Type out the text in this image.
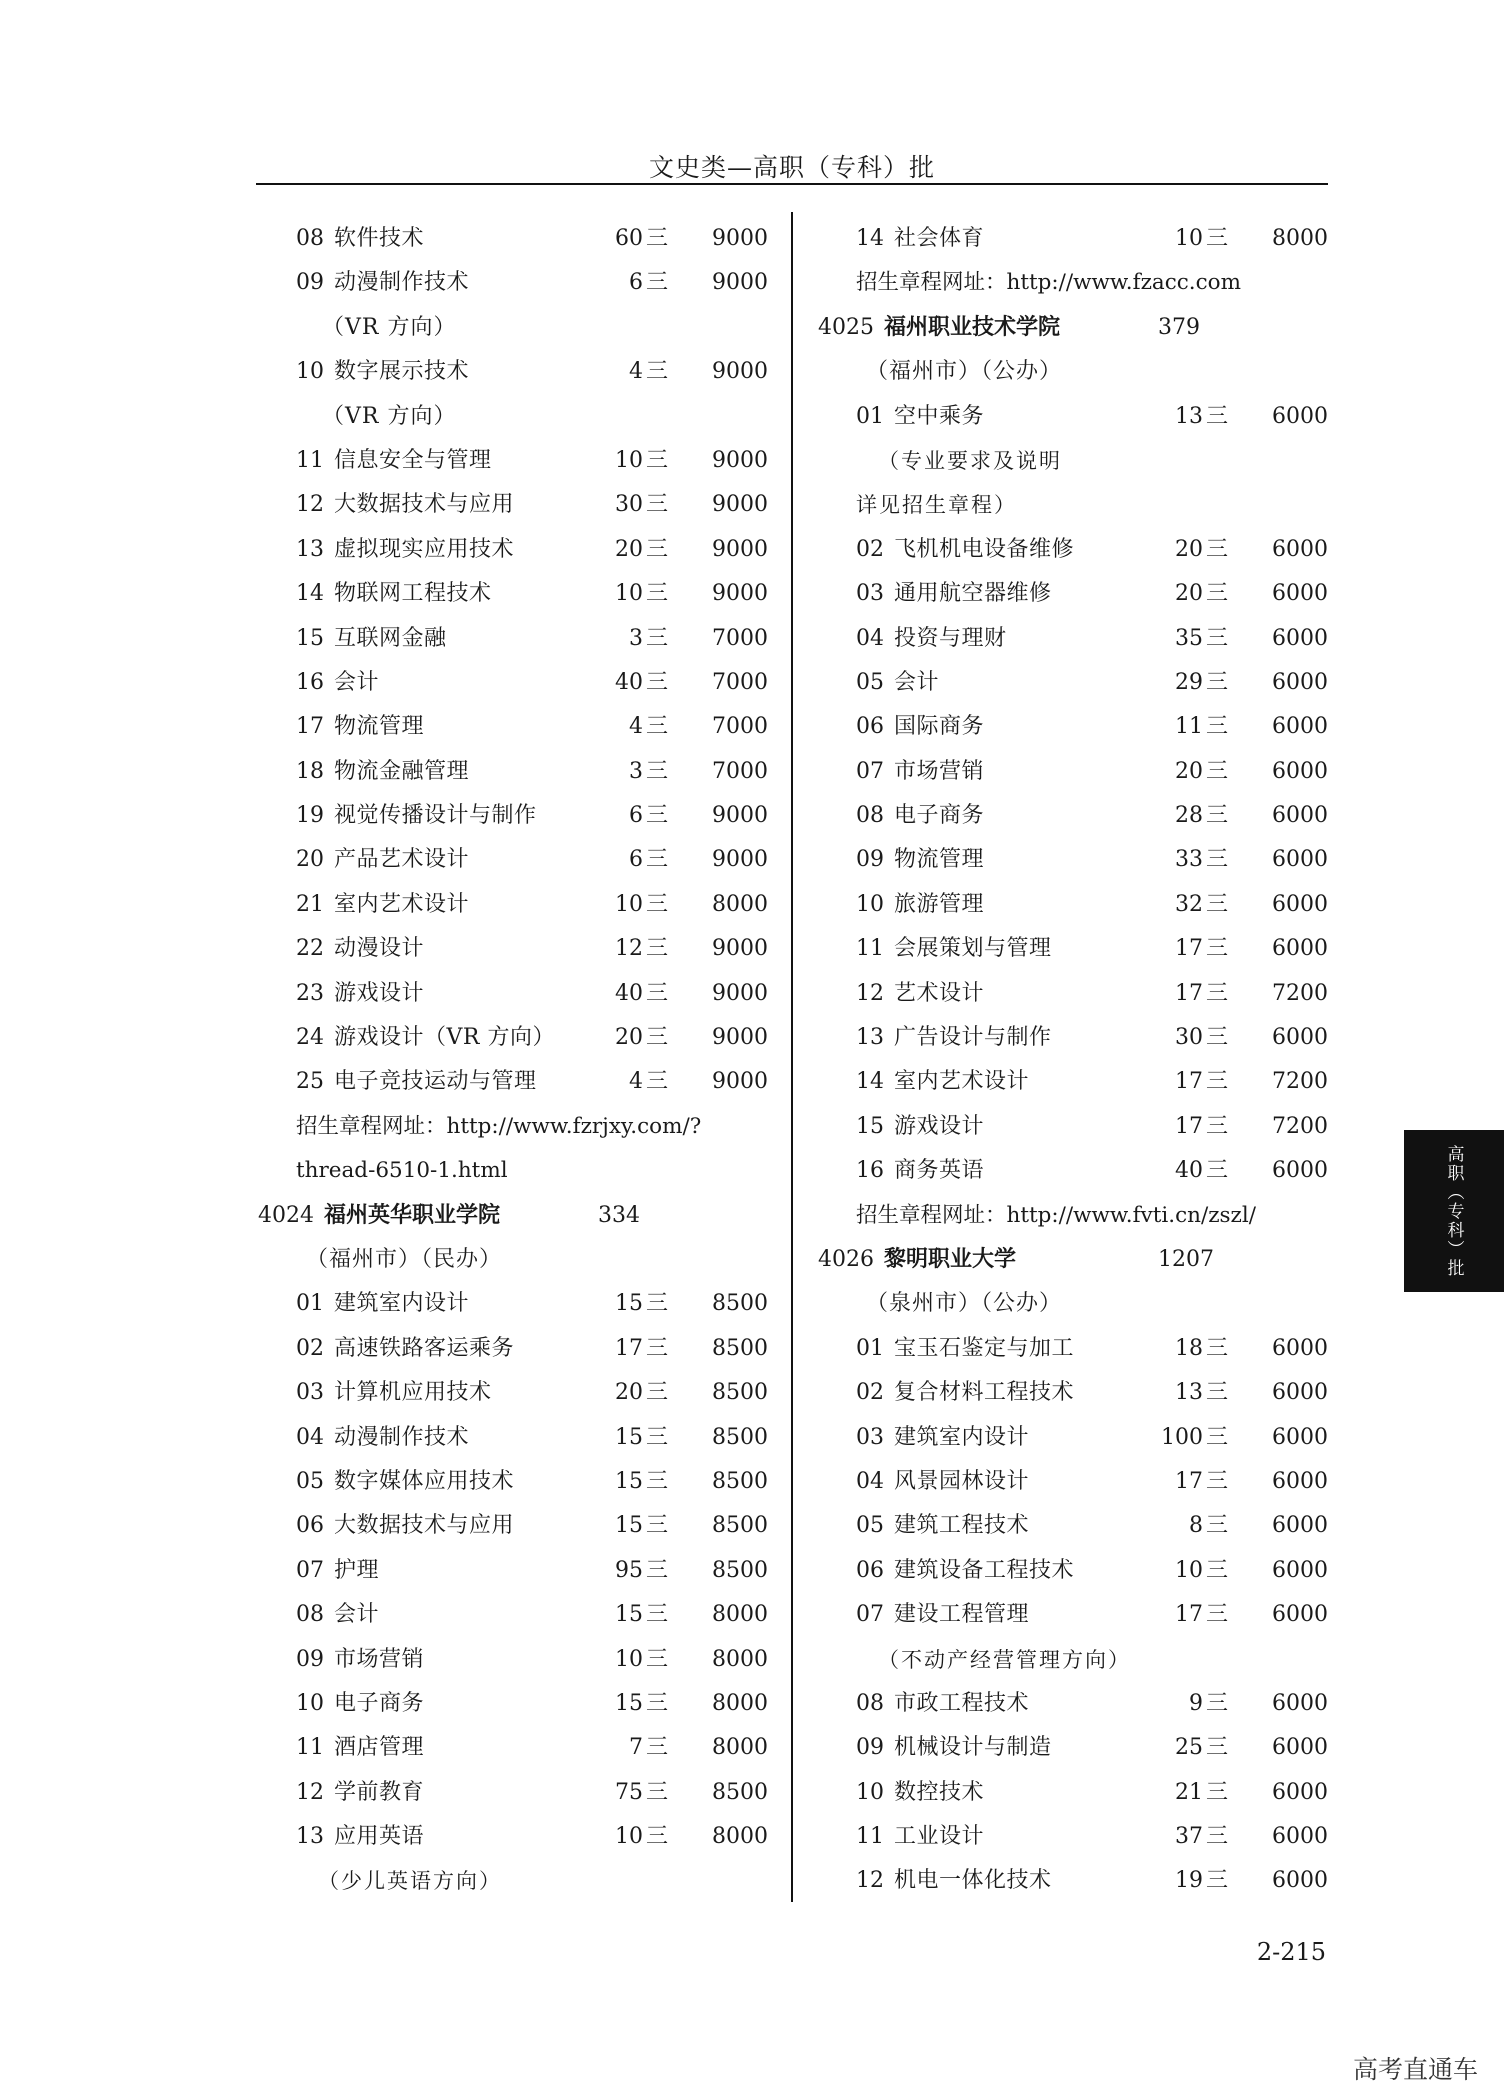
文史类—高职（专科）批
08 软件技术	60 三 9000
09 动漫制作技术	6 三 9000
（VR 方向）
10 数字展示技术	4 三 9000
（VR 方向）
11 信息安全与管理	10 三 9000
12 大数据技术与应用	30 三 9000
13 虚拟现实应用技术	20 三 9000
14 物联网工程技术	10 三 9000
15 互联网金融	3 三 7000
16 会计	40 三 7000
17 物流管理	4 三 7000
18 物流金融管理	3 三 7000
19 视觉传播设计与制作	6 三 9000
20 产品艺术设计	6 三 9000
21 室内艺术设计	10 三 8000
22 动漫设计	12 三 9000
23 游戏设计	40 三 9000
24 游戏设计（VR 方向）	20 三 9000
25 电子竞技运动与管理	4 三 9000
招生章程网址：http://www.fzrjxy.com/?
thread-6510-1.html
4024 福州英华职业学院	334
（福州市）（民办）
01 建筑室内设计	15 三 8500
02 高速铁路客运乘务	17 三 8500
03 计算机应用技术	20 三 8500
04 动漫制作技术	15 三 8500
05 数字媒体应用技术	15 三 8500
06 大数据技术与应用	15 三 8500
07 护理	95 三 8500
08 会计	15 三 8000
09 市场营销	10 三 8000
10 电子商务	15 三 8000
11 酒店管理	7 三 8000
12 学前教育	75 三 8500
13 应用英语	10 三 8000
（少儿英语方向）
14 社会体育	10 三 8000
招生章程网址：http://www.fzacc.com
4025 福州职业技术学院	379
（福州市）（公办）
01 空中乘务	13 三 6000
（专业要求及说明
详见招生章程）
02 飞机机电设备维修	20 三 6000
03 通用航空器维修	20 三 6000
04 投资与理财	35 三 6000
05 会计	29 三 6000
06 国际商务	11 三 6000
07 市场营销	20 三 6000
08 电子商务	28 三 6000
09 物流管理	33 三 6000
10 旅游管理	32 三 6000
11 会展策划与管理	17 三 6000
12 艺术设计	17 三 7200
13 广告设计与制作	30 三 6000
14 室内艺术设计	17 三 7200
15 游戏设计	17 三 7200
16 商务英语	40 三 6000
招生章程网址：http://www.fvti.cn/zszl/
4026 黎明职业大学	1207
（泉州市）（公办）
01 宝玉石鉴定与加工	18 三 6000
02 复合材料工程技术	13 三 6000
03 建筑室内设计	100 三 6000
04 风景园林设计	17 三 6000
05 建筑工程技术	8 三 6000
06 建筑设备工程技术	10 三 6000
07 建设工程管理	17 三 6000
（不动产经营管理方向）
08 市政工程技术	9 三 6000
09 机械设计与制造	25 三 6000
10 数控技术	21 三 6000
11 工业设计	37 三 6000
12 机电一体化技术	19 三 6000
2-215
高职（专科）批
高考直通车
